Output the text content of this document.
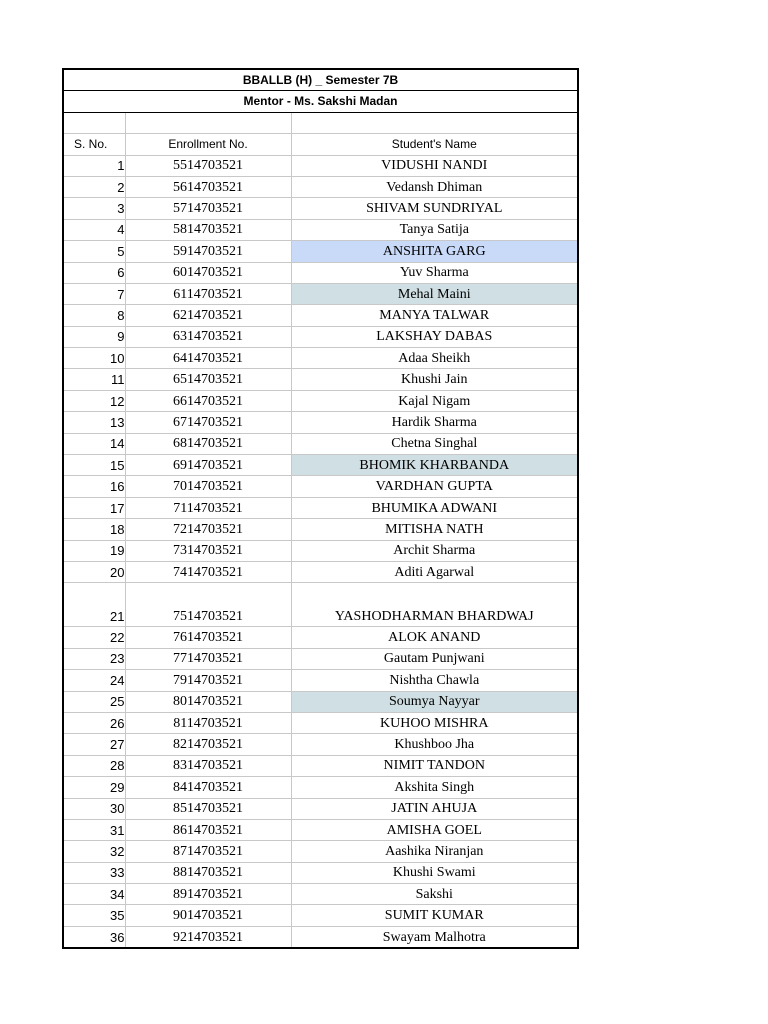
BBALLB (H) _ Semester 7B		
Mentor - Ms. Sakshi Madan		

S. No.	Enrollment No.	Student's Name
1	5514703521	VIDUSHI NANDI
2	5614703521	Vedansh Dhiman
3	5714703521	SHIVAM SUNDRIYAL
4	5814703521	Tanya Satija
5	5914703521	ANSHITA GARG
6	6014703521	Yuv Sharma
7	6114703521	Mehal Maini
8	6214703521	MANYA TALWAR
9	6314703521	LAKSHAY DABAS
10	6414703521	Adaa Sheikh
11	6514703521	Khushi Jain
12	6614703521	Kajal Nigam
13	6714703521	Hardik Sharma
14	6814703521	Chetna Singhal
15	6914703521	BHOMIK KHARBANDA
16	7014703521	VARDHAN GUPTA
17	7114703521	BHUMIKA ADWANI
18	7214703521	MITISHA NATH
19	7314703521	Archit Sharma
20	7414703521	Aditi Agarwal
21	7514703521	YASHODHARMAN BHARDWAJ
22	7614703521	ALOK ANAND
23	7714703521	Gautam Punjwani
24	7914703521	Nishtha Chawla
25	8014703521	Soumya Nayyar
26	8114703521	KUHOO MISHRA
27	8214703521	Khushboo Jha
28	8314703521	NIMIT TANDON
29	8414703521	Akshita Singh
30	8514703521	JATIN AHUJA
31	8614703521	AMISHA GOEL
32	8714703521	Aashika Niranjan
33	8814703521	Khushi Swami
34	8914703521	Sakshi
35	9014703521	SUMIT KUMAR
36	9214703521	Swayam Malhotra
